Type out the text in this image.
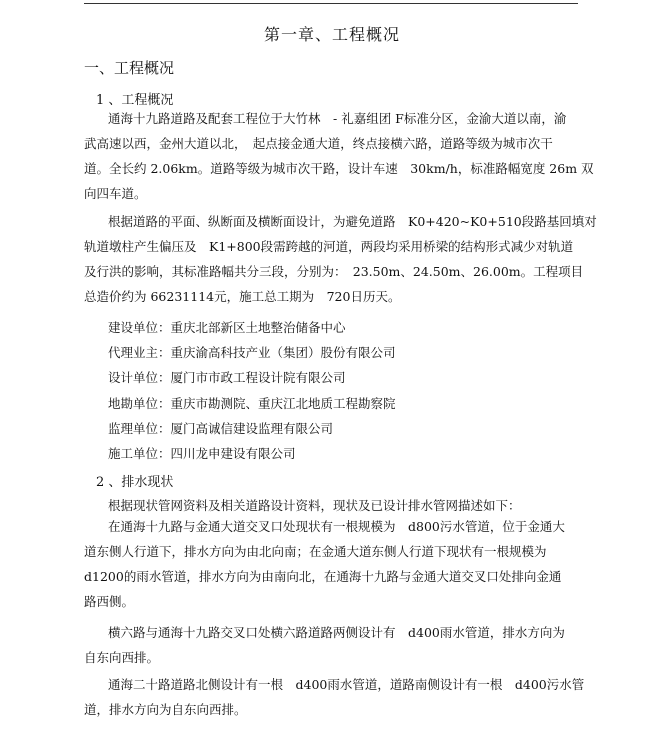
第一章、工程概况
一、工程概况
1 、工程概况
通海十九路道路及配套工程位于大竹林　- 礼嘉组团 F标准分区，金渝大道以南，渝
武高速以西，金州大道以北，　起点接金通大道，终点接横六路，道路等级为城市次干
道。全长约 2.06km。道路等级为城市次干路，设计车速　30km/h，标准路幅宽度 26m 双
向四车道。
根据道路的平面、纵断面及横断面设计，为避免道路　K0+420~K0+510段路基回填对
轨道墩柱产生偏压及　K1+800段需跨越的河道，两段均采用桥梁的结构形式减少对轨道
及行洪的影响，其标准路幅共分三段，分别为：　23.50m、24.50m、26.00m。工程项目
总造价约为 66231114元，施工总工期为　720日历天。
建设单位：重庆北部新区土地整治储备中心
代理业主：重庆渝高科技产业（集团）股份有限公司
设计单位：厦门市市政工程设计院有限公司
地勘单位：重庆市勘测院、重庆江北地质工程勘察院
监理单位：厦门高诚信建设监理有限公司
施工单位：四川龙申建设有限公司
2 、排水现状
根据现状管网资料及相关道路设计资料，现状及已设计排水管网描述如下：
在通海十九路与金通大道交叉口处现状有一根规模为　d800污水管道，位于金通大
道东侧人行道下，排水方向为由北向南；在金通大道东侧人行道下现状有一根规模为
d1200的雨水管道，排水方向为由南向北，在通海十九路与金通大道交叉口处排向金通
路西侧。
横六路与通海十九路交叉口处横六路道路两侧设计有　d400雨水管道，排水方向为
自东向西排。
通海二十路道路北侧设计有一根　d400雨水管道，道路南侧设计有一根　d400污水管
道，排水方向为自东向西排。
